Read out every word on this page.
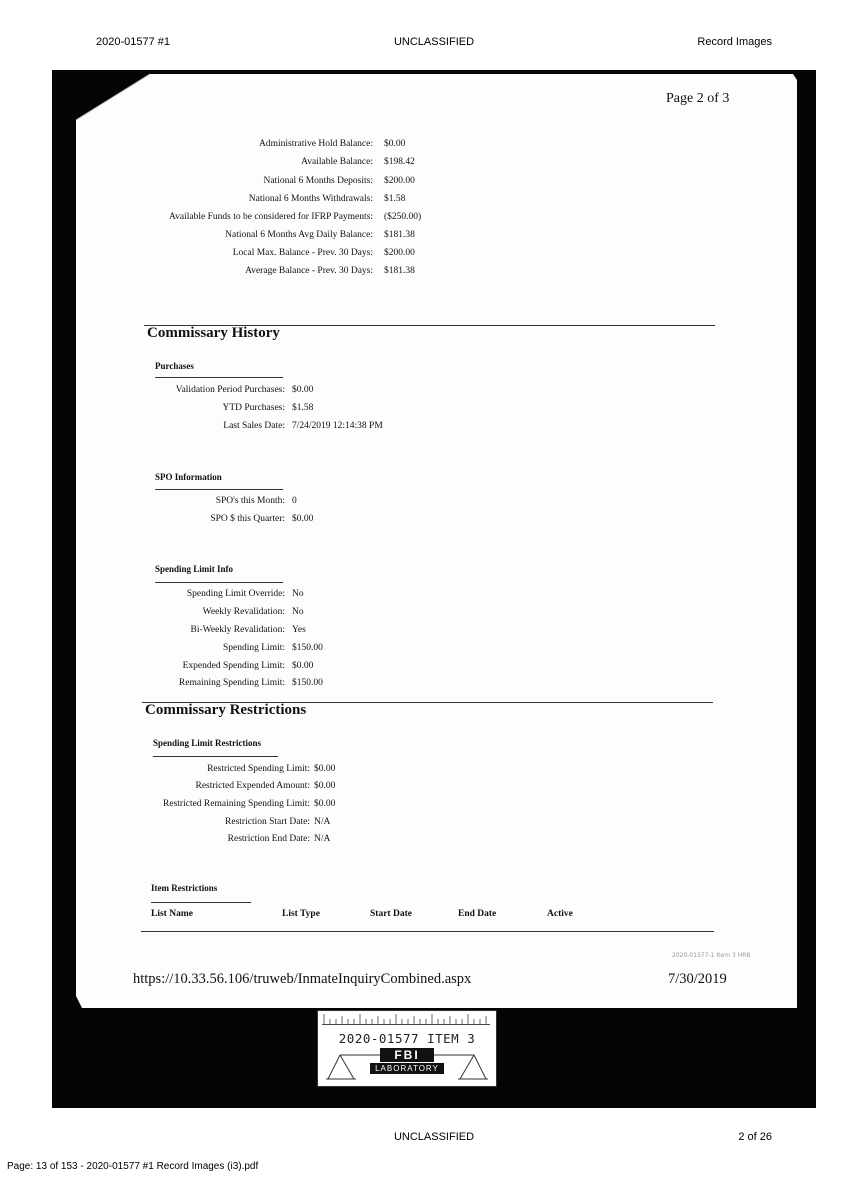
2020-01577 #1	UNCLASSIFIED	Record Images
Page 2 of 3
Administrative Hold Balance: $0.00
Available Balance: $198.42
National 6 Months Deposits: $200.00
National 6 Months Withdrawals: $1.58
Available Funds to be considered for IFRP Payments: ($250.00)
National 6 Months Avg Daily Balance: $181.38
Local Max. Balance - Prev. 30 Days: $200.00
Average Balance - Prev. 30 Days: $181.38
Commissary History
Purchases
Validation Period Purchases: $0.00
YTD Purchases: $1.58
Last Sales Date: 7/24/2019 12:14:38 PM
SPO Information
SPO's this Month: 0
SPO $ this Quarter: $0.00
Spending Limit Info
Spending Limit Override: No
Weekly Revalidation: No
Bi-Weekly Revalidation: Yes
Spending Limit: $150.00
Expended Spending Limit: $0.00
Remaining Spending Limit: $150.00
Commissary Restrictions
Spending Limit Restrictions
Restricted Spending Limit: $0.00
Restricted Expended Amount: $0.00
Restricted Remaining Spending Limit: $0.00
Restriction Start Date: N/A
Restriction End Date: N/A
Item Restrictions
List Name	List Type	Start Date	End Date	Active
2020-01577-1 Item 3 HRB
https://10.33.56.106/truweb/InmateInquiryCombined.aspx	7/30/2019
2020-01577 ITEM 3
FBI
LABORATORY
UNCLASSIFIED	2 of 26
Page: 13 of 153 - 2020-01577 #1 Record Images (i3).pdf
